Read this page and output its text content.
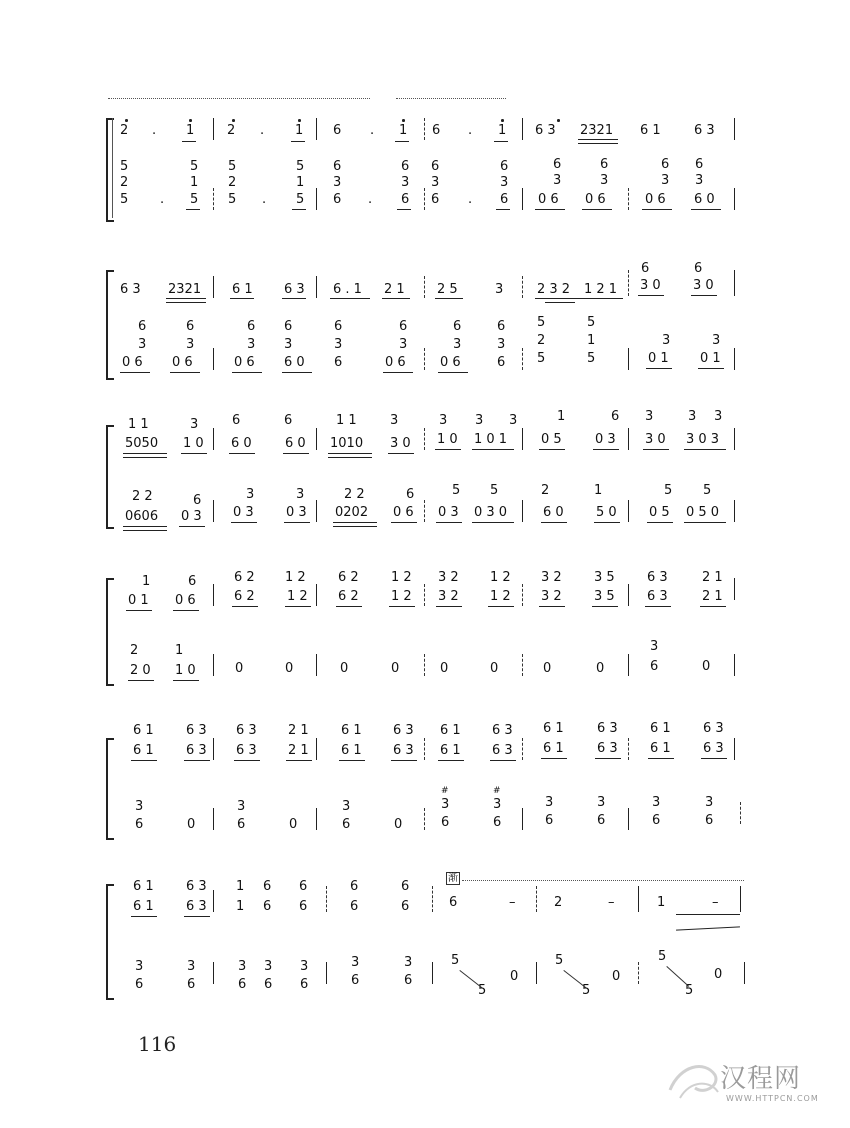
2 . 1	2 . 1 6 . 1 6 . 1 6 3 2321 6 1	6 3
5	5 5	5 6	6 6	6	6	6	6 6
2	1 2	1 3	3 3	3	3	3	3 3
5 . 5 5 . 5 6 . 6 6 . 6 0 6 0 6	0 6 6 0
6 3 2321 6 1 6 3 6 . 1 2 1 2 5	3	2 3 2 1 2 1
6	6
3 0 3 0
6	6	6 6	6	6	6	6 5	5
3	3	3 3	3	3	3	3 2	1	3	3
0 6 0 6	0 6 6 0 6	0 6	0 6	6 5	5	0 1 0 1
1 1	3	6	6	1 1	3	3 3 3	1	6 3	3 3
5050 1 0 6 0	6 0 1010 3 0 1 0 1 0 1	0 5	0 3 3 0 3 0 3
2 2	6	3	3	2 2	6	5 5	2	1	5 5
0606 0 3 0 3 0 3 0202 0 6 0 3 0 3 0	6 0 5 0 0 5 0 5 0
1	6	6 2 1 2 6 2 1 2 3 2 1 2 3 2 3 5 6 3	2 1
0 1 0 6	6 2 1 2 6 2 1 2 3 2 1 2 3 2 3 5 6 3	2 1
2	1
2 0 1 0	0	0	0	0	0	0	0	0
3
6	0
6 1 6 3 6 3 2 1 6 1 6 3 6 1 6 3 6 1	6 3 6 1 6 3
6 1 6 3 6 3 2 1 6 1 6 3 6 1 6 3 6 1	6 3 6 1 6 3
3
6	0
3
6	0
3
6	0
#
3
6
#
3
6
3
6
3
6
3
6
3
6
渐
6 1 6 3 1 6 6	6	6
6 1 6 3 1 6 6	6	6	6	–	2	–	1	–
3
6
3
6
3
6
3
6
3
6
3
6
3
6
5
5
0
5
5
0
5
5
0
116
汉程网
WWW.HTTPCN.COM
